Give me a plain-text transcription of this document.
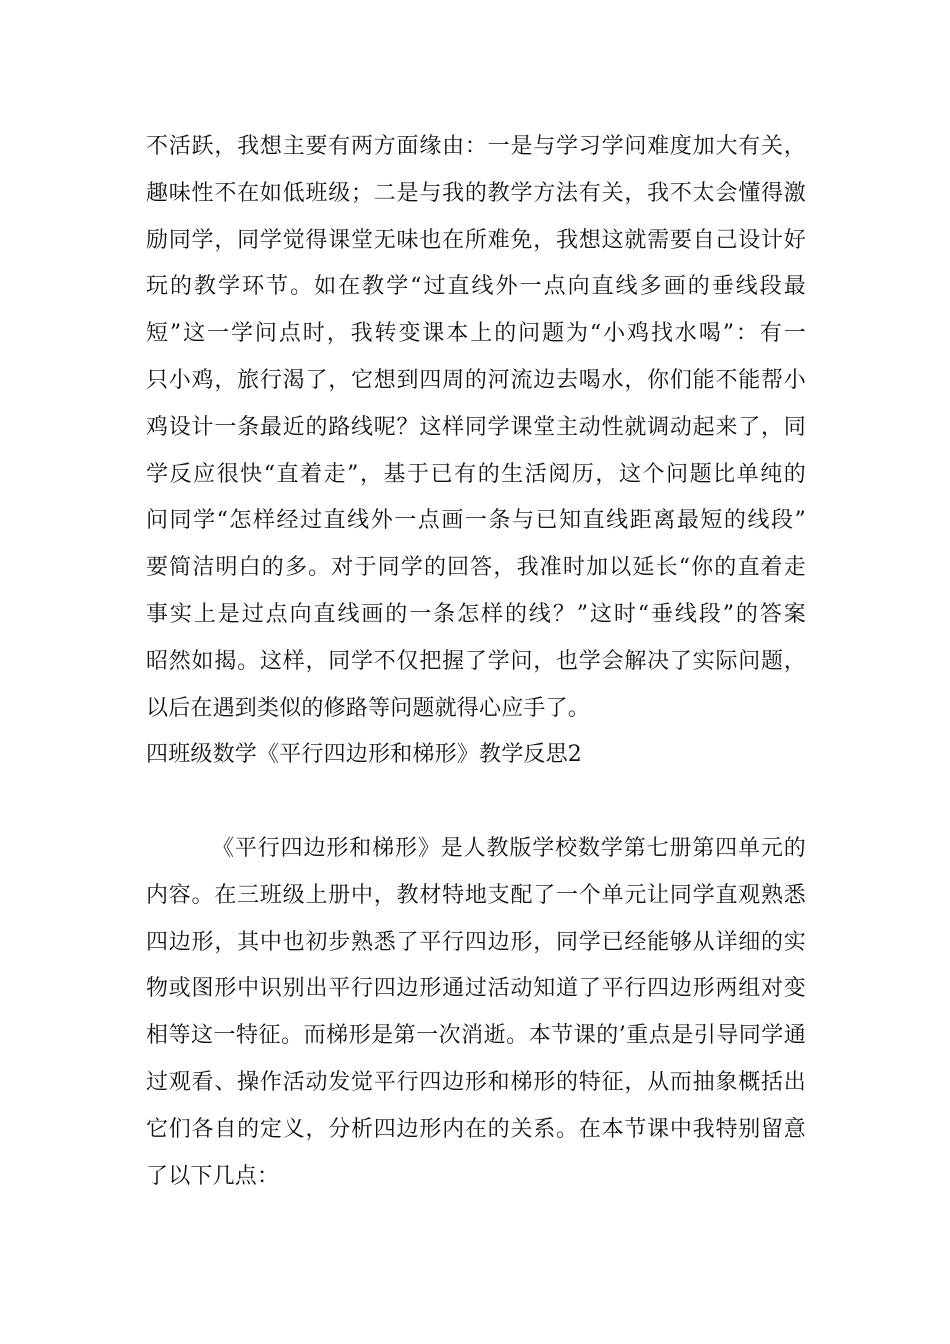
不活跃，我想主要有两方面缘由：一是与学习学问难度加大有关，
趣味性不在如低班级；二是与我的教学方法有关，我不太会懂得激
励同学，同学觉得课堂无味也在所难免，我想这就需要自己设计好
玩的教学环节。如在教学“过直线外一点向直线多画的垂线段最
短”这一学问点时，我转变课本上的问题为“小鸡找水喝”：有一
只小鸡，旅行渴了，它想到四周的河流边去喝水，你们能不能帮小
鸡设计一条最近的路线呢？这样同学课堂主动性就调动起来了，同
学反应很快“直着走”，基于已有的生活阅历，这个问题比单纯的
问同学“怎样经过直线外一点画一条与已知直线距离最短的线段”
要简洁明白的多。对于同学的回答，我准时加以延长“你的直着走
事实上是过点向直线画的一条怎样的线？”这时“垂线段”的答案
昭然如揭。这样，同学不仅把握了学问，也学会解决了实际问题，
以后在遇到类似的修路等问题就得心应手了。
四班级数学《平行四边形和梯形》教学反思2
《平行四边形和梯形》是人教版学校数学第七册第四单元的
内容。在三班级上册中，教材特地支配了一个单元让同学直观熟悉
四边形，其中也初步熟悉了平行四边形，同学已经能够从详细的实
物或图形中识别出平行四边形通过活动知道了平行四边形两组对变
相等这一特征。而梯形是第一次消逝。本节课的’重点是引导同学通
过观看、操作活动发觉平行四边形和梯形的特征，从而抽象概括出
它们各自的定义，分析四边形内在的关系。在本节课中我特别留意
了以下几点：
